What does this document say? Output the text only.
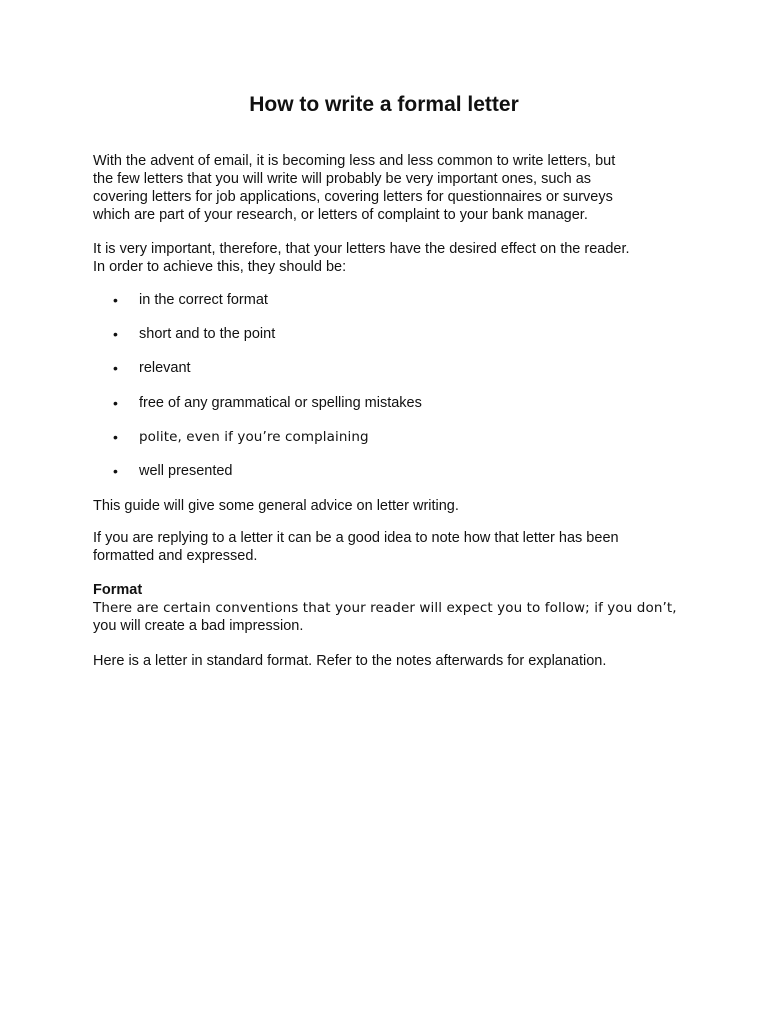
How to write a formal letter

With the advent of email, it is becoming less and less common to write letters, but
the few letters that you will write will probably be very important ones, such as
covering letters for job applications, covering letters for questionnaires or surveys
which are part of your research, or letters of complaint to your bank manager.

It is very important, therefore, that your letters have the desired effect on the reader.
In order to achieve this, they should be:

• in the correct format
• short and to the point
• relevant
• free of any grammatical or spelling mistakes
• polite, even if you’re complaining
• well presented

This guide will give some general advice on letter writing.

If you are replying to a letter it can be a good idea to note how that letter has been
formatted and expressed.

Format
There are certain conventions that your reader will expect you to follow; if you don’t,
you will create a bad impression.

Here is a letter in standard format. Refer to the notes afterwards for explanation.
